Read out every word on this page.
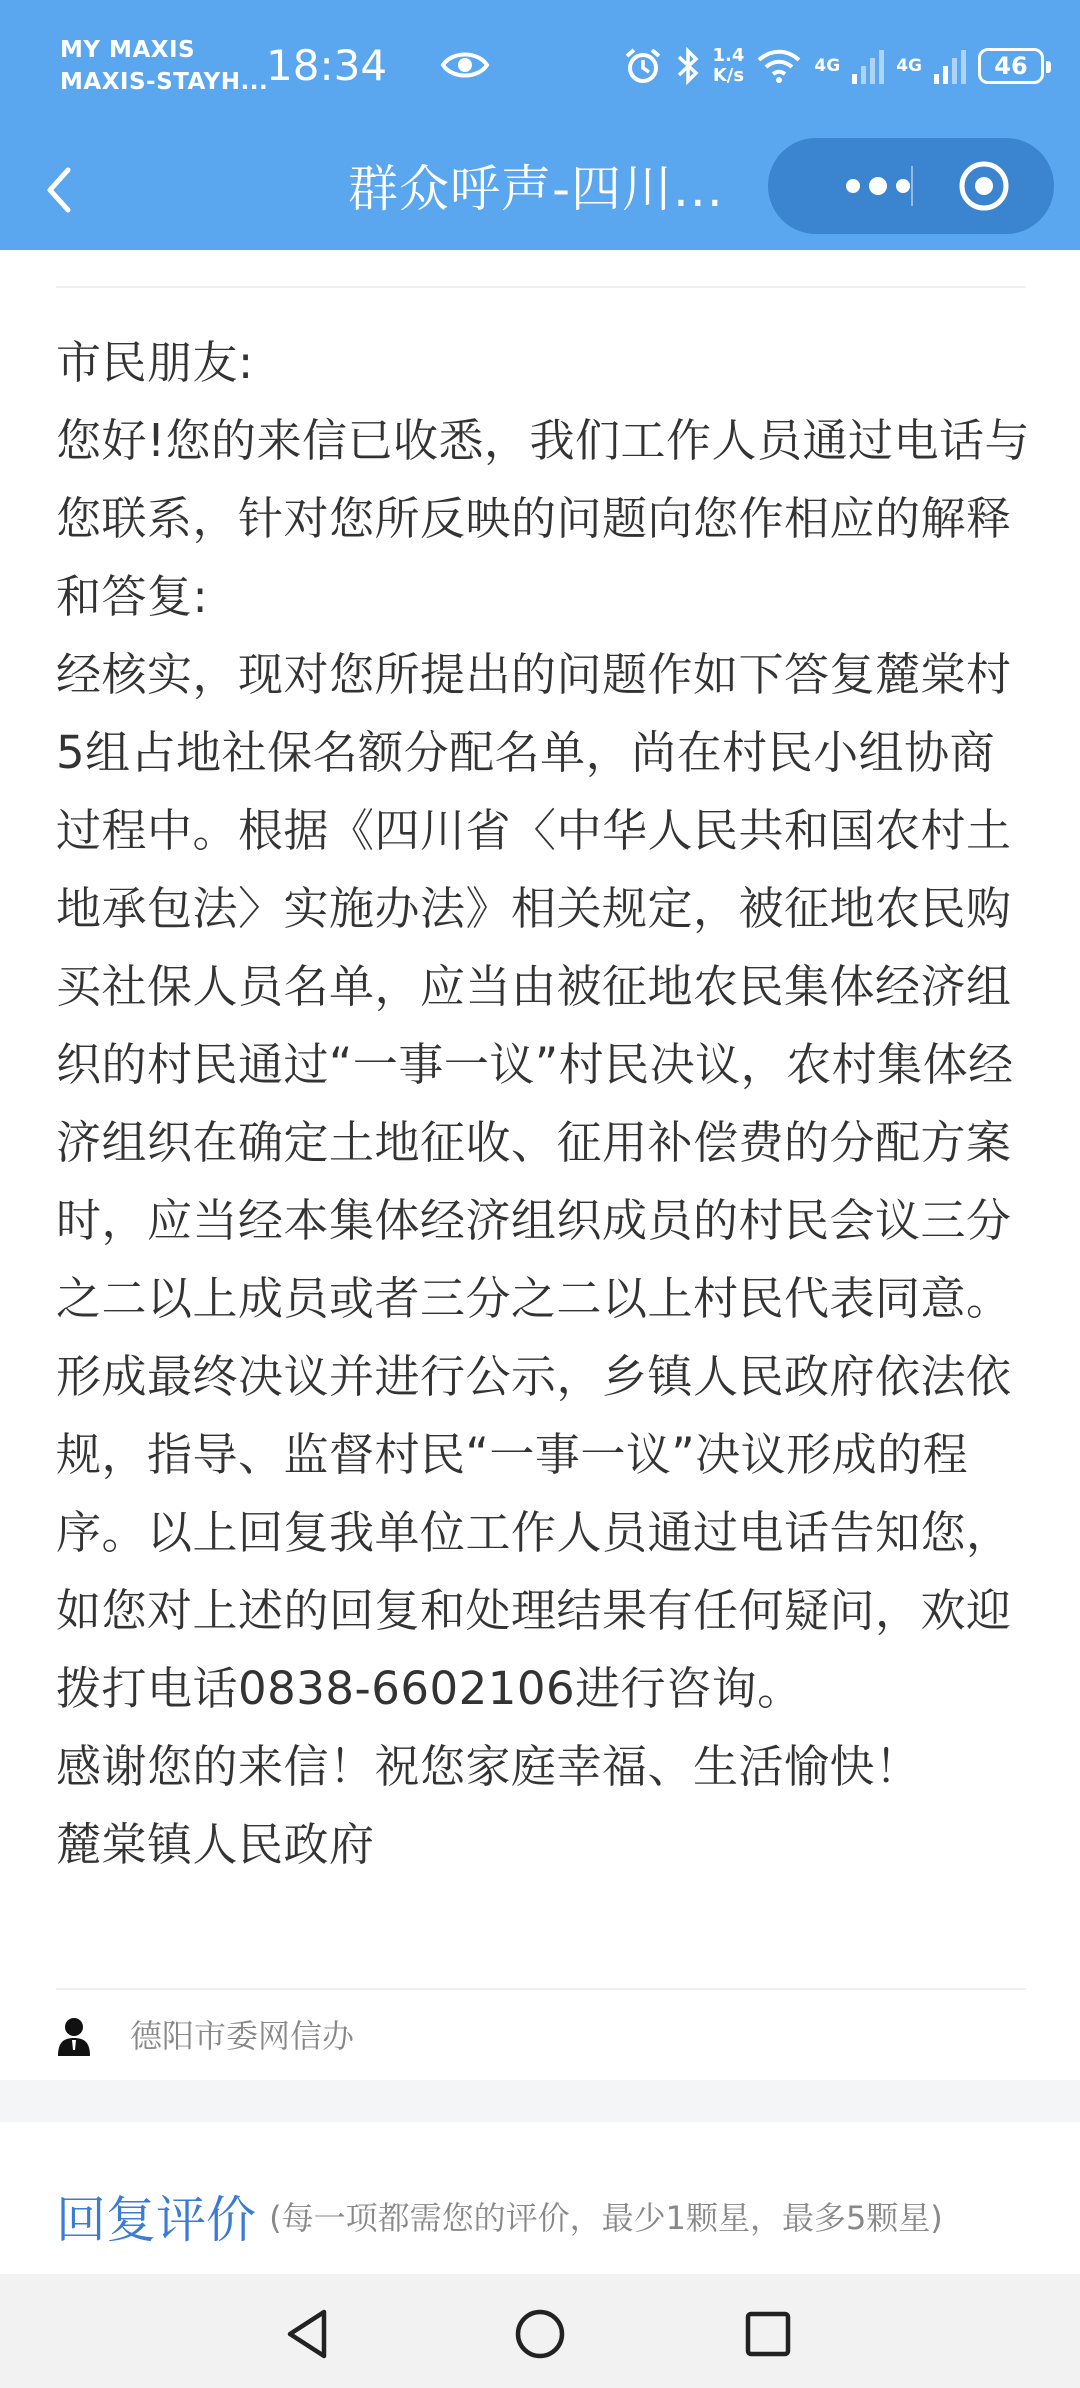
MY MAXIS
MAXIS-STAYH...
18:34	1.4
K/s	4G	4G	46
群众呼声-四川...

市民朋友:

您好!您的来信已收悉，我们工作人员通过电话与您联系，针对您所反映的问题向您作相应的解释和答复:

经核实，现对您所提出的问题作如下答复麓棠村5组占地社保名额分配名单，尚在村民小组协商过程中。根据《四川省〈中华人民共和国农村土地承包法〉实施办法》相关规定，被征地农民购买社保人员名单，应当由被征地农民集体经济组织的村民通过“一事一议”村民决议，农村集体经济组织在确定土地征收、征用补偿费的分配方案时，应当经本集体经济组织成员的村民会议三分之二以上成员或者三分之二以上村民代表同意。形成最终决议并进行公示，乡镇人民政府依法依规，指导、监督村民“一事一议”决议形成的程序。以上回复我单位工作人员通过电话告知您，如您对上述的回复和处理结果有任何疑问，欢迎拨打电话0838-6602106进行咨询。

感谢您的来信！祝您家庭幸福、生活愉快！

麓棠镇人民政府

德阳市委网信办
回复评价 (每一项都需您的评价，最少1颗星，最多5颗星)
